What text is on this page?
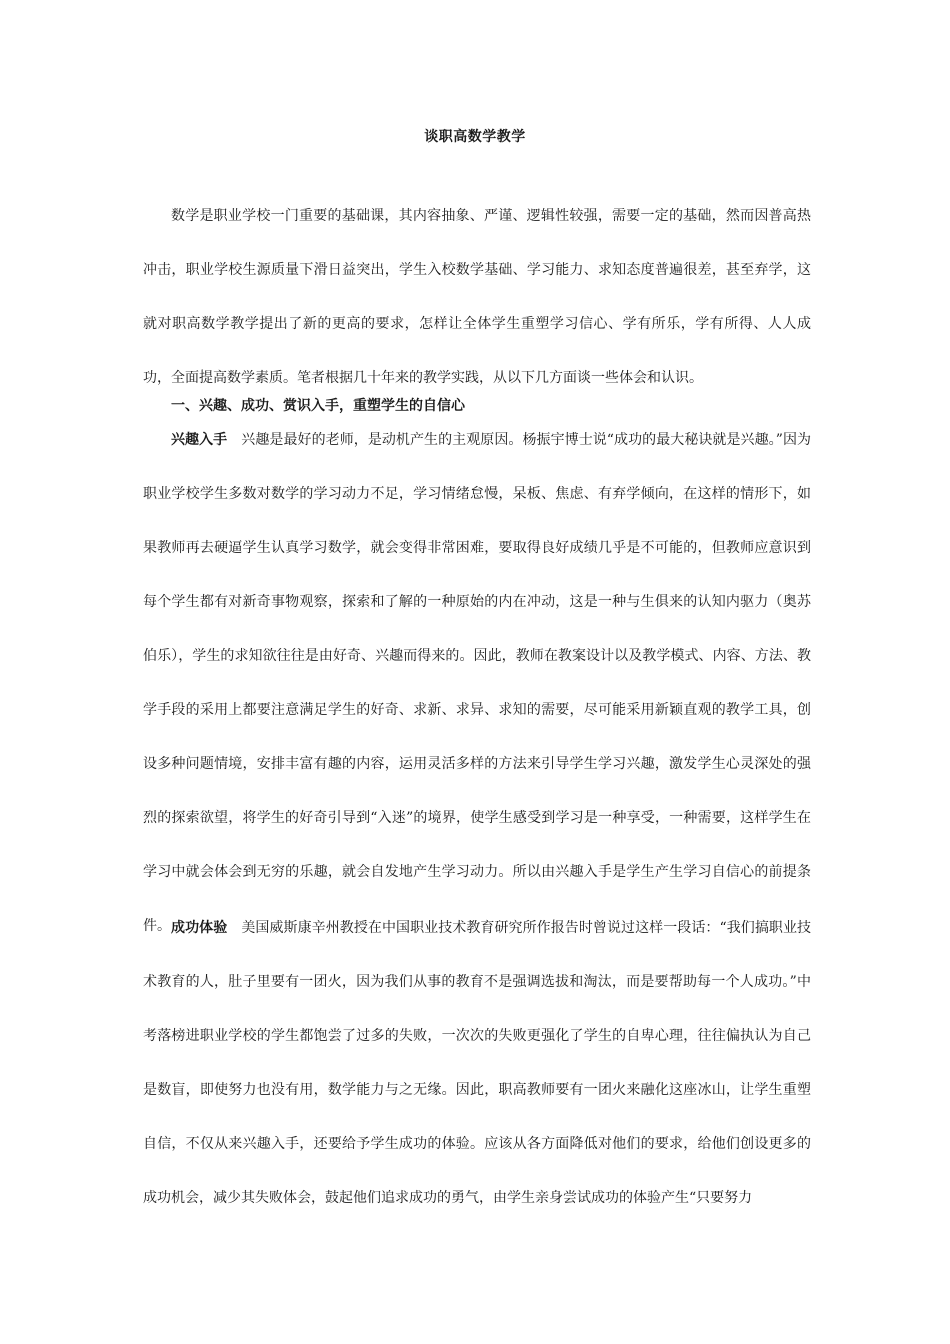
谈职高数学教学

数学是职业学校一门重要的基础课，其内容抽象、严谨、逻辑性较强，需要一定的基础，然而因普高热冲击，职业学校生源质量下滑日益突出，学生入校数学基础、学习能力、求知态度普遍很差，甚至弃学，这就对职高数学教学提出了新的更高的要求，怎样让全体学生重塑学习信心、学有所乐，学有所得、人人成功，全面提高数学素质。笔者根据几十年来的教学实践，从以下几方面谈一些体会和认识。

一、兴趣、成功、赏识入手，重塑学生的自信心

兴趣入手 兴趣是最好的老师，是动机产生的主观原因。杨振宇博士说“成功的最大秘诀就是兴趣。”因为职业学校学生多数对数学的学习动力不足，学习情绪怠慢，呆板、焦虑、有弃学倾向，在这样的情形下，如果教师再去硬逼学生认真学习数学，就会变得非常困难，要取得良好成绩几乎是不可能的，但教师应意识到每个学生都有对新奇事物观察，探索和了解的一种原始的内在冲动，这是一种与生俱来的认知内驱力（奥苏伯乐），学生的求知欲往往是由好奇、兴趣而得来的。因此，教师在教案设计以及教学模式、内容、方法、教学手段的采用上都要注意满足学生的好奇、求新、求异、求知的需要，尽可能采用新颖直观的教学工具，创设多种问题情境，安排丰富有趣的内容，运用灵活多样的方法来引导学生学习兴趣，激发学生心灵深处的强烈的探索欲望，将学生的好奇引导到“入迷”的境界，使学生感受到学习是一种享受，一种需要，这样学生在学习中就会体会到无穷的乐趣，就会自发地产生学习动力。所以由兴趣入手是学生产生学习自信心的前提条件。 成功体验 美国威斯康辛州教授在中国职业技术教育研究所作报告时曾说过这样一段话：“我们搞职业技术教育的人，肚子里要有一团火，因为我们从事的教育不是强调选拔和淘汰，而是要帮助每一个人成功。”中考落榜进职业学校的学生都饱尝了过多的失败，一次次的失败更强化了学生的自卑心理，往往偏执认为自己是数盲，即使努力也没有用，数学能力与之无缘。因此，职高教师要有一团火来融化这座冰山，让学生重塑自信，不仅从来兴趣入手，还要给予学生成功的体验。应该从各方面降低对他们的要求，给他们创设更多的成功机会，减少其失败体会，鼓起他们追求成功的勇气，由学生亲身尝试成功的体验产生“只要努力
